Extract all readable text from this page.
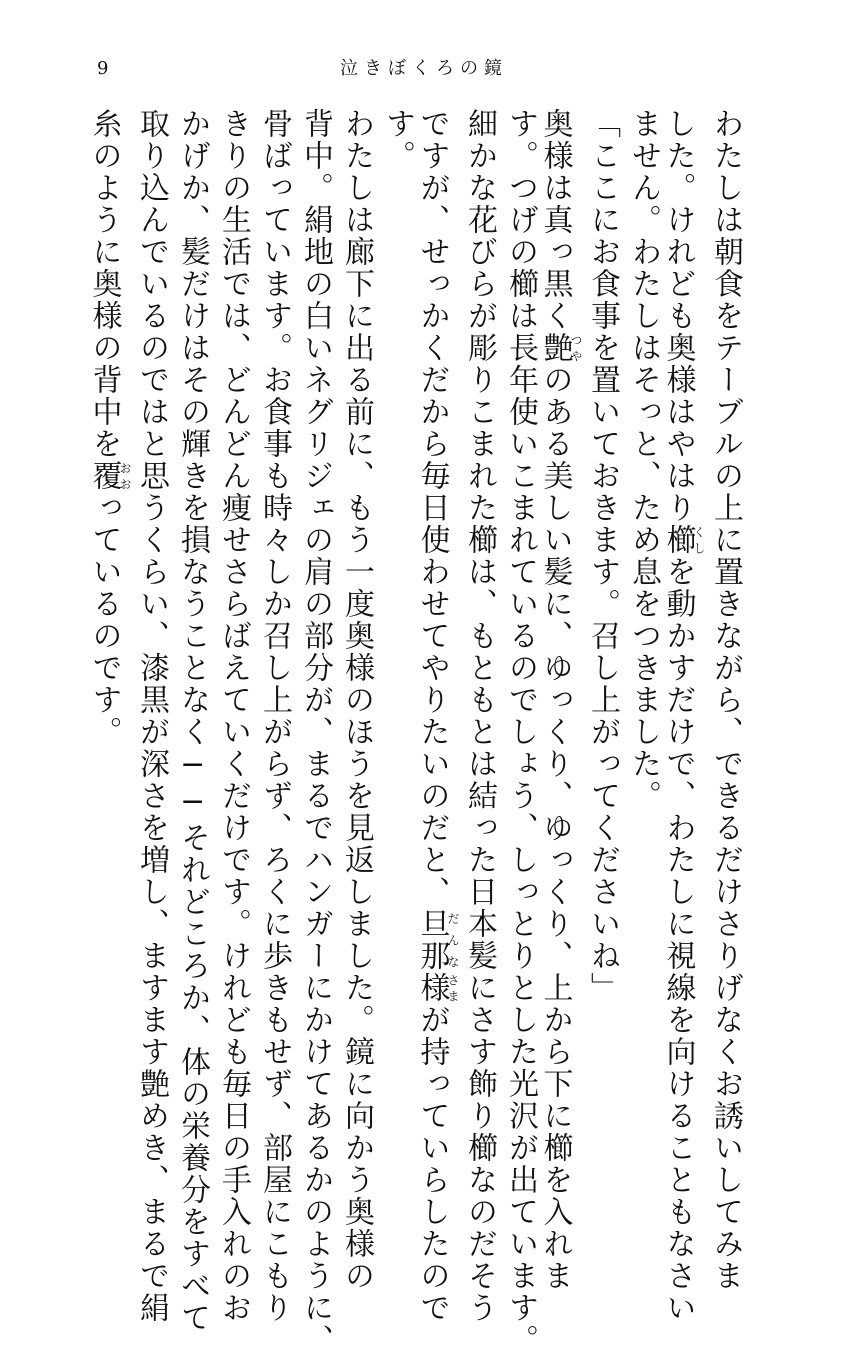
9	泣きぼくろの鏡
わたしは朝食をテーブルの上に置きながら、できるだけさりげなくお誘いしてみま
した。けれども奥様はやはり櫛くしを動かすだけで、わたしに視線を向けることもなさい
ません。わたしはそっと、ため息をつきました。
「ここにお食事を置いておきます。召し上がってくださいね」
奥様は真っ黒く艶つやのある美しい髪に、ゆっくり、ゆっくり、上から下に櫛を入れま
す。つげの櫛は長年使いこまれているのでしょう、しっとりとした光沢が出ています。
細かな花びらが彫りこまれた櫛は、もともとは結った日本髪にさす飾り櫛なのだそう
ですが、せっかくだから毎日使わせてやりたいのだと、旦那だんな様さまが持っていらしたので
す。
わたしは廊下に出る前に、もう一度奥様のほうを見返しました。鏡に向かう奥様の
背中。絹地の白いネグリジェの肩の部分が、まるでハンガーにかけてあるかのように、
骨ばっています。お食事も時々しか召し上がらず、ろくに歩きもせず、部屋にこもり
きりの生活では、どんどん痩せさらばえていくだけです。けれども毎日の手入れのお
かげか、髪だけはその輝きを損なうことなく──それどころか、体の栄養分をすべて
取り込んでいるのではと思うくらい、漆黒が深さを増し、ますます艶めき、まるで絹
糸のように奥様の背中を覆おおっているのです。
